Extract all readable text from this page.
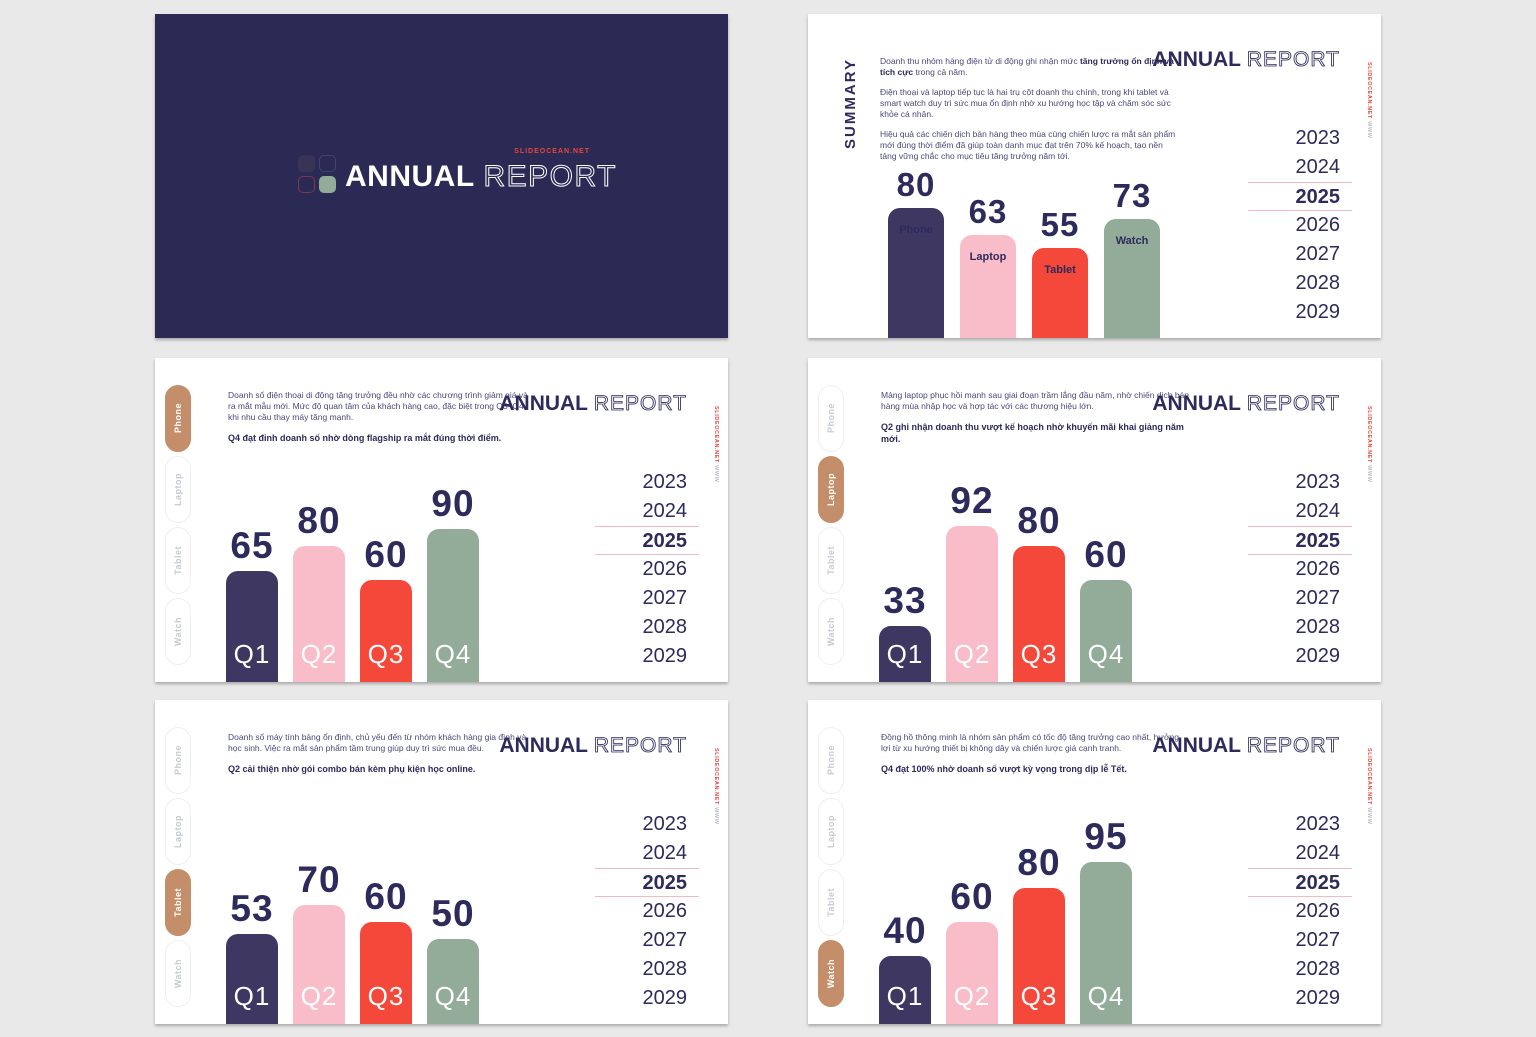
SLIDEOCEAN.NET
ANNUAL REPORT
SUMMARY Doanh thu nhóm hàng điện tử di động ghi nhận mức tăng trưởng ổn định và tích cực trong cả năm.

Điện thoại và laptop tiếp tục là hai trụ cột doanh thu chính, trong khi tablet và smart watch duy trì sức mua ổn định nhờ xu hướng học tập và chăm sóc sức khỏe cá nhân.

Hiệu quả các chiến dịch bán hàng theo mùa cùng chiến lược ra mắt sản phẩm mới đúng thời điểm đã giúp toàn danh mục đạt trên 70% kế hoạch, tạo nền tảng vững chắc cho mục tiêu tăng trưởng năm tới.

ANNUAL REPORT
SLIDEOCEAN.NET WWW
2023
2024
2025
2026
2027
2028
2029
Phone
80
Laptop
63
Tablet
55	Watch
73
Phone
Laptop
Tablet
Watch

Doanh số điện thoại di động tăng trưởng đều nhờ các chương trình giảm giá và ra mắt mẫu mới. Mức độ quan tâm của khách hàng cao, đặc biệt trong Q3–Q4 khi nhu cầu thay máy tăng mạnh.

Q4 đạt đỉnh doanh số nhờ dòng flagship ra mắt đúng thời điểm.

ANNUAL REPORT
SLIDEOCEAN.NET WWW
2023
2024
2025
2026
2027
2028
2029
Q1
65
Q2
80
Q3
60
Q4
90
Phone
Laptop
Tablet
Watch

Mảng laptop phục hồi mạnh sau giai đoạn trầm lắng đầu năm, nhờ chiến dịch bán hàng mùa nhập học và hợp tác với các thương hiệu lớn.

Q2 ghi nhận doanh thu vượt kế hoạch nhờ khuyến mãi khai giảng năm mới.

ANNUAL REPORT
SLIDEOCEAN.NET WWW
2023
2024
2025
2026
2027
2028
2029
Q1
33
Q2
92
Q3
80
Q4
60
Phone
Laptop
Tablet
Watch

Doanh số máy tính bảng ổn định, chủ yếu đến từ nhóm khách hàng gia đình và học sinh. Việc ra mắt sản phẩm tầm trung giúp duy trì sức mua đều.

Q2 cải thiện nhờ gói combo bán kèm phụ kiện học online.

ANNUAL REPORT
SLIDEOCEAN.NET WWW
2023
2024
2025
2026
2027
2028
2029
Q1
53
Q2
70
Q3
60
Q4
50
Phone
Laptop
Tablet
Watch

Đồng hồ thông minh là nhóm sản phẩm có tốc độ tăng trưởng cao nhất, hưởng lợi từ xu hướng thiết bị không dây và chiến lược giá cạnh tranh.

Q4 đạt 100% nhờ doanh số vượt kỳ vọng trong dịp lễ Tết.

ANNUAL REPORT
SLIDEOCEAN.NET WWW
2023
2024
2025
2026
2027
2028
2029
Q1
40
Q2
60
Q3
80
Q4
95
